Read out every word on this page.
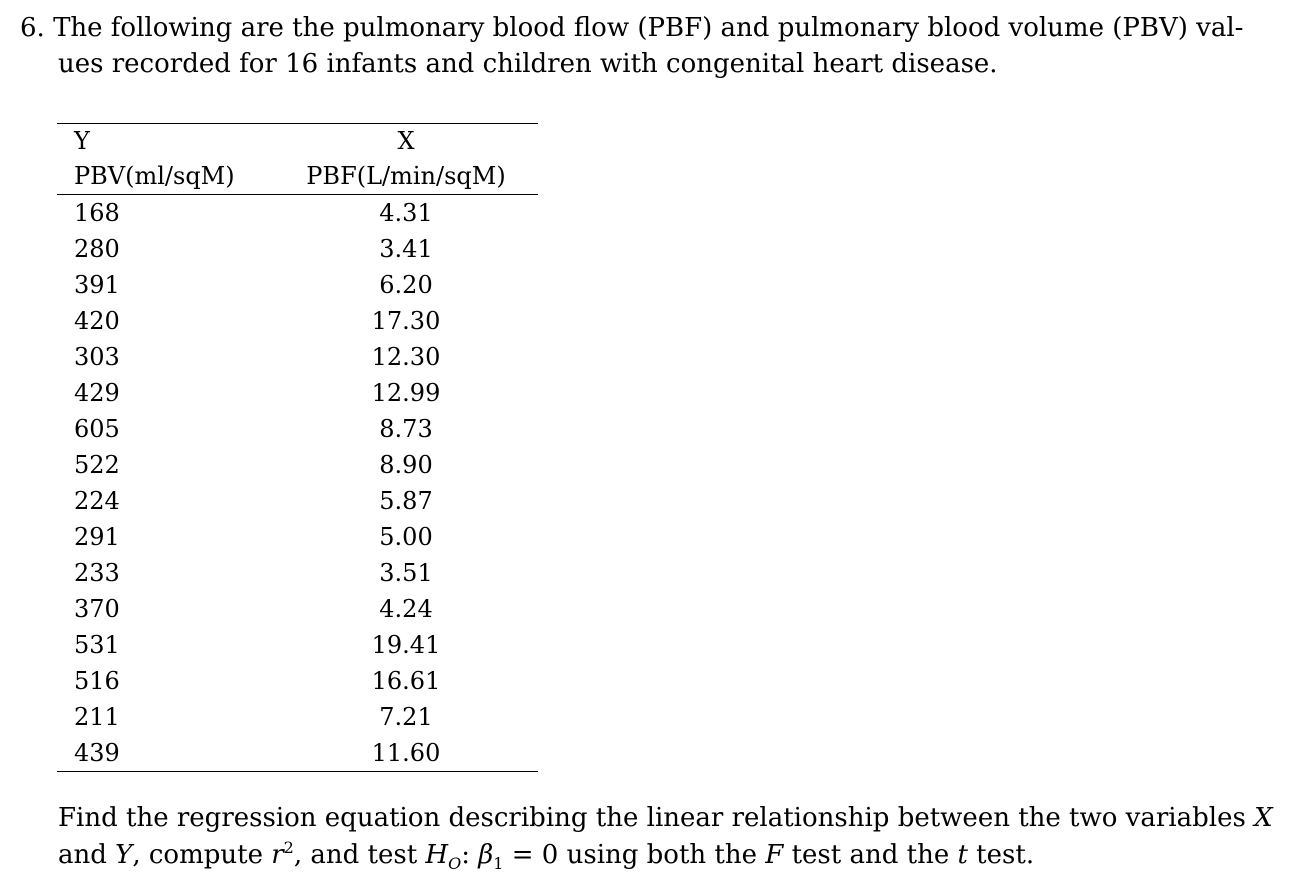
6. The following are the pulmonary blood flow (PBF) and pulmonary blood volume (PBV) val-
ues recorded for 16 infants and children with congenital heart disease.
Y	X
PBV(ml/sqM)	PBF(L/min/sqM)
168	4.31
280	3.41
391	6.20
420	17.30
303	12.30
429	12.99
605	8.73
522	8.90
224	5.87
291	5.00
233	3.51
370	4.24
531	19.41
516	16.61
211	7.21
439	11.60
Find the regression equation describing the linear relationship between the two variables X
and Y, compute $r^2$, and test $H_O$: $\beta_1 = 0$ using both the F test and the t test.
